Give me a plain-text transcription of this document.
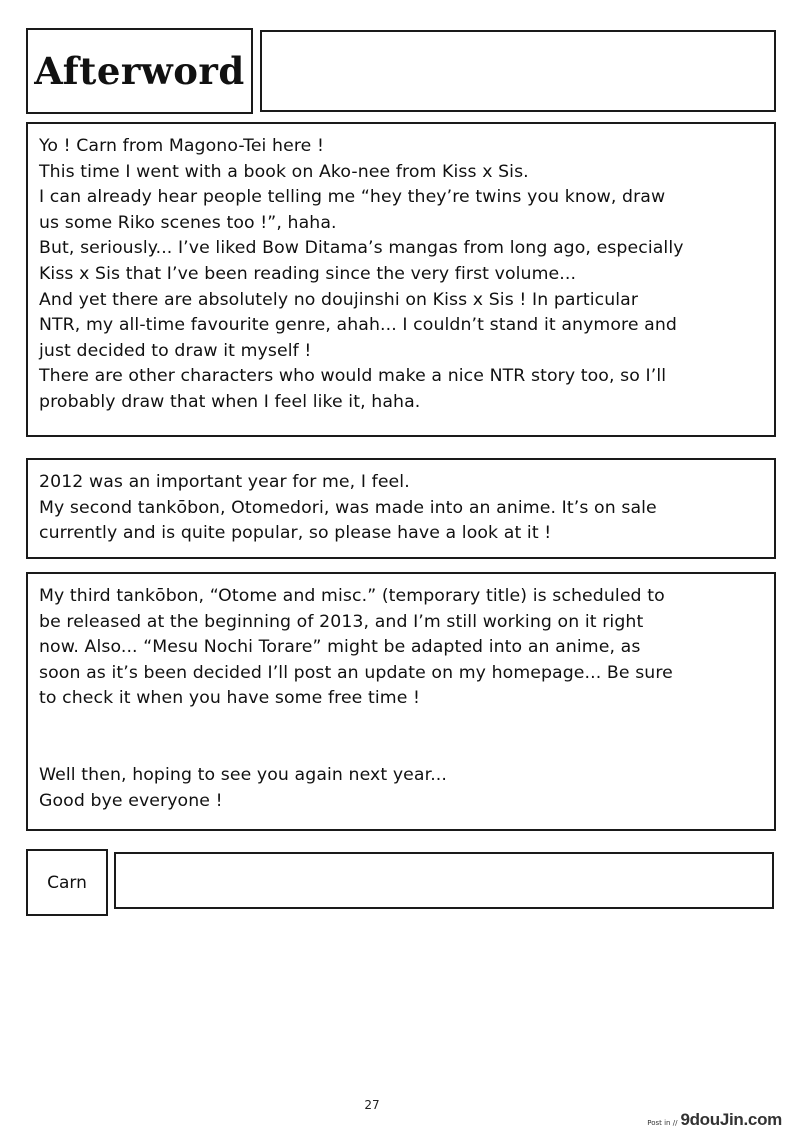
Afterword
Yo ! Carn from Magono-Tei here !
This time I went with a book on Ako-nee from Kiss x Sis.
I can already hear people telling me “hey they’re twins you know, draw
us some Riko scenes too !”, haha.
But, seriously... I’ve liked Bow Ditama’s mangas from long ago, especially
Kiss x Sis that I’ve been reading since the very first volume...
And yet there are absolutely no doujinshi on Kiss x Sis ! In particular
NTR, my all-time favourite genre, ahah... I couldn’t stand it anymore and
just decided to draw it myself !
There are other characters who would make a nice NTR story too, so I’ll
probably draw that when I feel like it, haha.
2012 was an important year for me, I feel.
My second tankōbon, Otomedori, was made into an anime. It’s on sale
currently and is quite popular, so please have a look at it !
My third tankōbon, “Otome and misc.” (temporary title) is scheduled to
be released at the beginning of 2013, and I’m still working on it right
now. Also... “Mesu Nochi Torare” might be adapted into an anime, as
soon as it’s been decided I’ll post an update on my homepage... Be sure
to check it when you have some free time !
Well then, hoping to see you again next year...
Good bye everyone !
Carn
27
Post in // 9douJin.com
